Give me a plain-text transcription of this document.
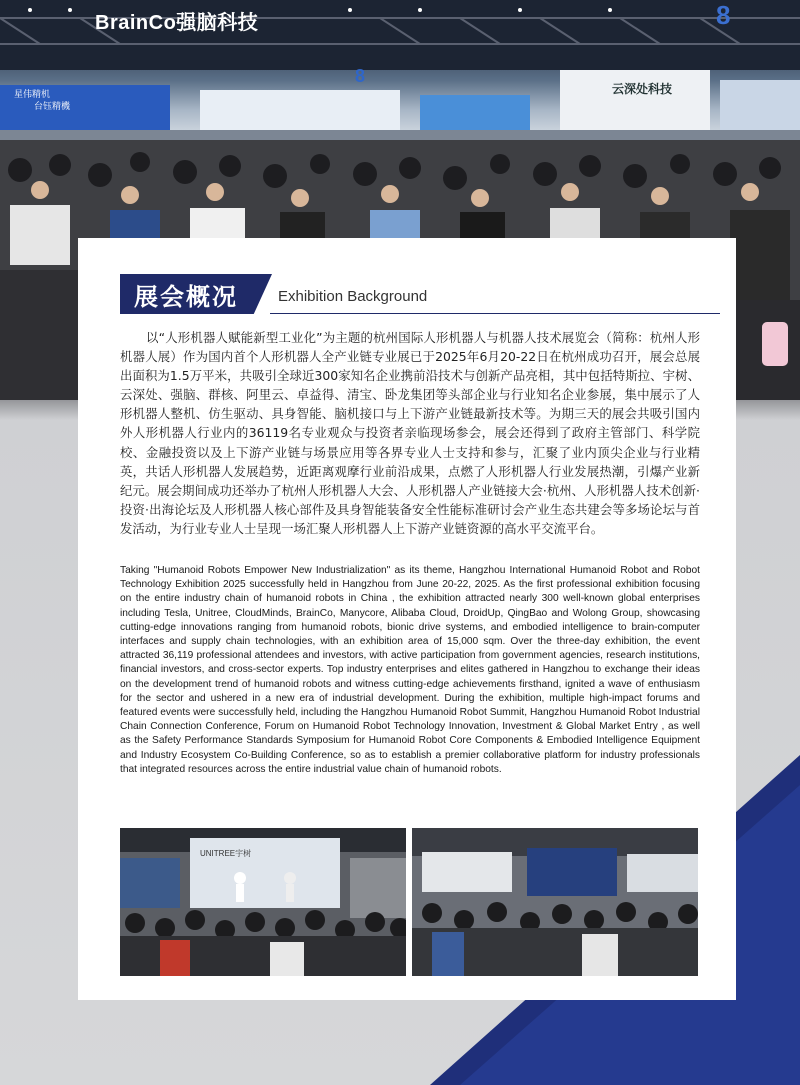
BrainCo强脑科技	8
8
星伟精机
台钰精機
云深处科技
展会概况	Exhibition Background

以“人形机器人赋能新型工业化”为主题的杭州国际人形机器人与机器人技术展览会（简称：杭州人形机器人展）作为国内首个人形机器人全产业链专业展已于2025年6月20-22日在杭州成功召开，展会总展出面积为1.5万平米，共吸引全球近300家知名企业携前沿技术与创新产品亮相，其中包括特斯拉、宇树、云深处、强脑、群核、阿里云、卓益得、清宝、卧龙集团等头部企业与行业知名企业参展，集中展示了人形机器人整机、仿生驱动、具身智能、脑机接口与上下游产业链最新技术等。为期三天的展会共吸引国内外人形机器人行业内的36119名专业观众与投资者亲临现场参会，展会还得到了政府主管部门、科学院校、金融投资以及上下游产业链与场景应用等各界专业人士支持和参与，汇聚了业内顶尖企业与行业精英，共话人形机器人发展趋势，近距离观摩行业前沿成果，点燃了人形机器人行业发展热潮，引爆产业新纪元。展会期间成功还举办了杭州人形机器人大会、人形机器人产业链接大会·杭州、人形机器人技术创新·投资·出海论坛及人形机器人核心部件及具身智能装备安全性能标准研讨会产业生态共建会等多场论坛与首发活动，为行业专业人士呈现一场汇聚人形机器人上下游产业链资源的高水平交流平台。

Taking "Humanoid Robots Empower New Industrialization" as its theme, Hangzhou International Humanoid Robot and Robot Technology Exhibition 2025 successfully held in Hangzhou from June 20-22, 2025. As the first professional exhibition focusing on the entire industry chain of humanoid robots in China , the exhibition attracted nearly 300 well-known global enterprises including Tesla, Unitree, CloudMinds, BrainCo, Manycore, Alibaba Cloud, DroidUp, QingBao and Wolong Group, showcasing cutting-edge innovations ranging from humanoid robots, bionic drive systems, and embodied intelligence to brain-computer interfaces and supply chain technologies, with an exhibition area of 15,000 sqm. Over the three-day exhibition, the event attracted 36,119 professional attendees and investors, with active participation from government agencies, research institutions, financial investors, and cross-sector experts. Top industry enterprises and elites gathered in Hangzhou to exchange their ideas on the development trend of humanoid robots and witness cutting-edge achievements firsthand, ignited a wave of enthusiasm for the sector and ushered in a new era of industrial development. During the exhibition, multiple high-impact forums and featured events were successfully held, including the Hangzhou Humanoid Robot Summit, Hangzhou Humanoid Robot Industrial Chain Connection Conference, Forum on Humanoid Robot Technology Innovation, Investment & Global Market Entry , as well as the Safety Performance Standards Symposium for Humanoid Robot Core Components & Embodied Intelligence Equipment and Industry Ecosystem Co-Building Conference, so as to establish a premier collaborative platform for industry professionals that integrated resources across the entire industrial value chain of humanoid robots.

UNITREE宇树
